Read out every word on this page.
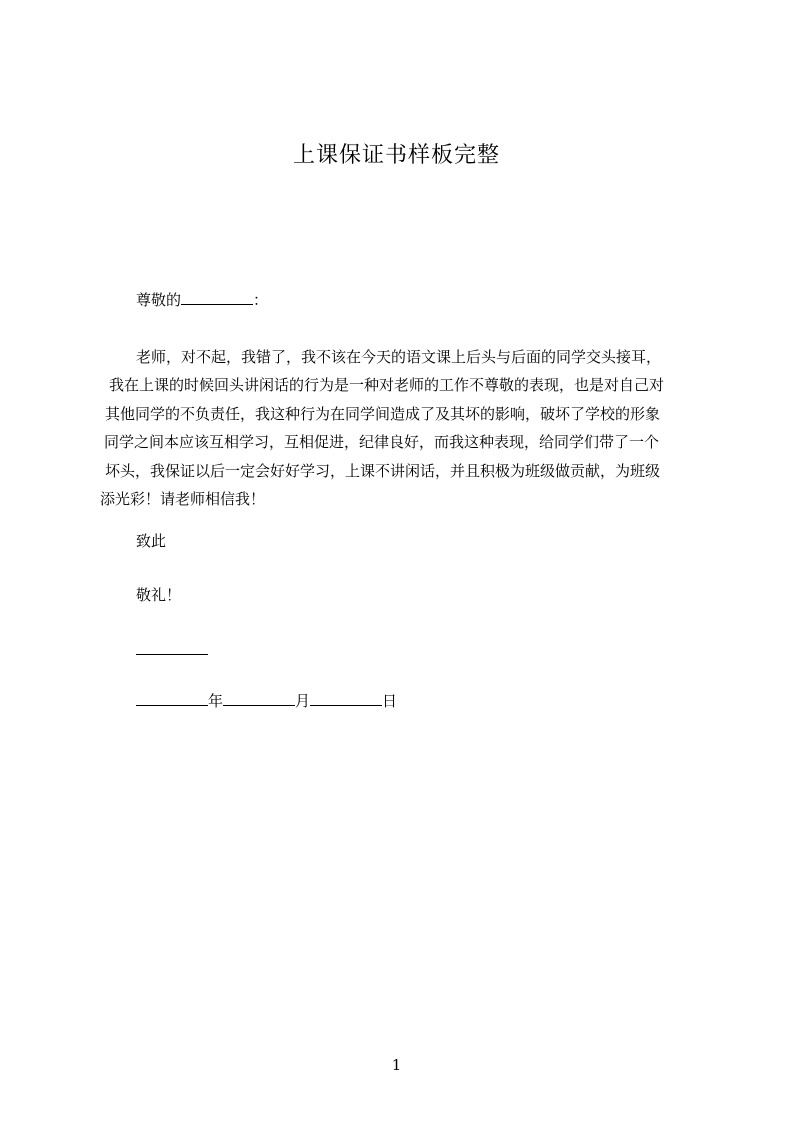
上课保证书样板完整
尊敬的	：
老师，对不起，我错了，我不该在今天的语文课上后头与后面的同学交头接耳，
我在上课的时候回头讲闲话的行为是一种对老师的工作不尊敬的表现，也是对自己对
其他同学的不负责任，我这种行为在同学间造成了及其坏的影响，破坏了学校的形象
同学之间本应该互相学习，互相促进，纪律良好，而我这种表现，给同学们带了一个
坏头，我保证以后一定会好好学习，上课不讲闲话，并且积极为班级做贡献，为班级
添光彩！请老师相信我！
致此
敬礼！
年	月	日
1
